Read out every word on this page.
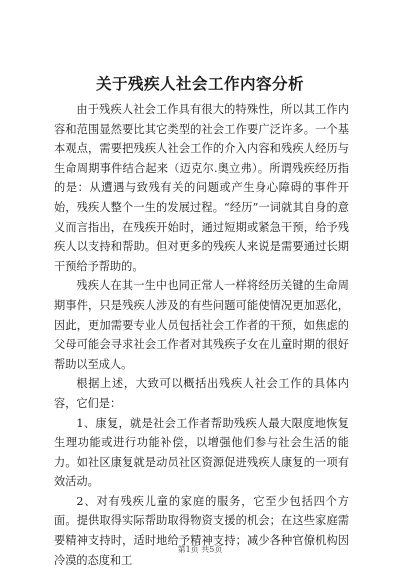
关于残疾人社会工作内容分析

由于残疾人社会工作具有很大的特殊性，所以其工作内容和范围显然要比其它类型的社会工作要广泛许多。一个基本观点，需要把残疾人社会工作的介入内容和残疾人经历与生命周期事件结合起来（迈克尔.奥立弗）。所谓残疾经历指的是：从遭遇与致残有关的问题或产生身心障碍的事件开始，残疾人整个一生的发展过程。“经历”一词就其自身的意义而言指出，在残疾开始时，通过短期或紧急干预，给予残疾人以支持和帮助。但对更多的残疾人来说是需要通过长期干预给予帮助的。

残疾人在其一生中也同正常人一样将经历关键的生命周期事件，只是残疾人涉及的有些问题可能使情况更加恶化，因此，更加需要专业人员包括社会工作者的干预，如焦虑的父母可能会寻求社会工作者对其残疾子女在儿童时期的很好帮助以至成人。

根据上述，大致可以概括出残疾人社会工作的具体内容，它们是：

1、康复，就是社会工作者帮助残疾人最大限度地恢复生理功能或进行功能补偿，以增强他们参与社会生活的能力。如社区康复就是动员社区资源促进残疾人康复的一项有效活动。

2、对有残疾儿童的家庭的服务，它至少包括四个方面。提供取得实际帮助取得物资支援的机会；在这些家庭需要精神支持时，适时地给予精神支持；减少各种官僚机构因冷漠的态度和工

第1页 共5页
